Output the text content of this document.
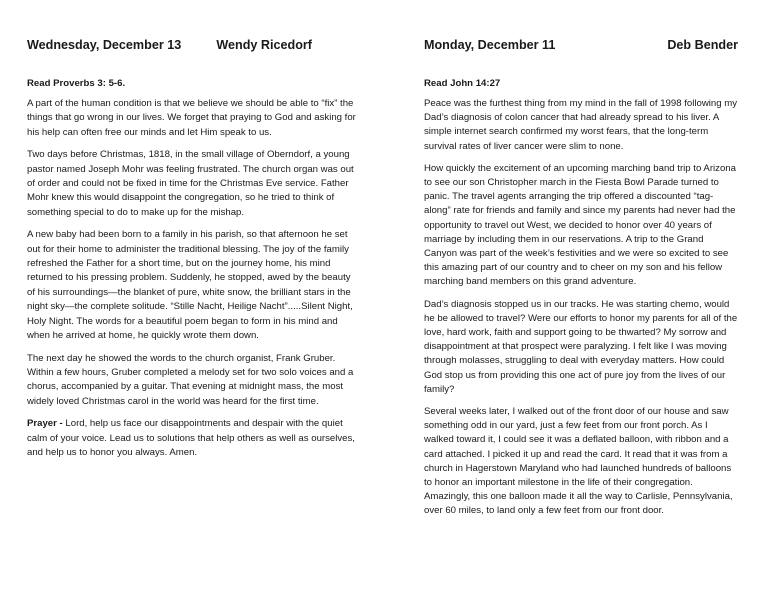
Wednesday, December 13	Wendy Ricedorf
Read Proverbs 3: 5-6.

A part of the human condition is that we believe we should be able to “fix” the things that go wrong in our lives. We forget that praying to God and asking for his help can often free our minds and let Him speak to us.

Two days before Christmas, 1818, in the small village of Oberndorf, a young pastor named Joseph Mohr was feeling frustrated. The church organ was out of order and could not be fixed in time for the Christmas Eve service. Father Mohr knew this would disappoint the congregation, so he tried to think of something special to do to make up for the mishap.

A new baby had been born to a family in his parish, so that afternoon he set out for their home to administer the traditional blessing. The joy of the family refreshed the Father for a short time, but on the journey home, his mind returned to his pressing problem. Suddenly, he stopped, awed by the beauty of his surroundings—the blanket of pure, white snow, the brilliant stars in the night sky—the complete solitude. “Stille Nacht, Heilige Nacht”.....Silent Night, Holy Night. The words for a beautiful poem began to form in his mind and when he arrived at home, he quickly wrote them down.

The next day he showed the words to the church organist, Frank Gruber. Within a few hours, Gruber completed a melody set for two solo voices and a chorus, accompanied by a guitar. That evening at midnight mass, the most widely loved Christmas carol in the world was heard for the first time.

Prayer - Lord, help us face our disappointments and despair with the quiet calm of your voice. Lead us to solutions that help others as well as ourselves, and help us to honor you always. Amen.

Monday, December 11	Deb Bender
Read John 14:27

Peace was the furthest thing from my mind in the fall of 1998 following my Dad’s diagnosis of colon cancer that had already spread to his liver. A simple internet search confirmed my worst fears, that the long-term survival rates of liver cancer were slim to none.

How quickly the excitement of an upcoming marching band trip to Arizona to see our son Christopher march in the Fiesta Bowl Parade turned to panic. The travel agents arranging the trip offered a discounted “tag-along” rate for friends and family and since my parents had never had the opportunity to travel out West, we decided to honor over 40 years of marriage by including them in our reservations. A trip to the Grand Canyon was part of the week’s festivities and we were so excited to see this amazing part of our country and to cheer on my son and his fellow marching band members on this grand adventure.

Dad’s diagnosis stopped us in our tracks. He was starting chemo, would he be allowed to travel? Were our efforts to honor my parents for all of the love, hard work, faith and support going to be thwarted? My sorrow and disappointment at that prospect were paralyzing. I felt like I was moving through molasses, struggling to deal with everyday matters. How could God stop us from providing this one act of pure joy from the lives of our family?

Several weeks later, I walked out of the front door of our house and saw something odd in our yard, just a few feet from our front porch. As I walked toward it, I could see it was a deflated balloon, with ribbon and a card attached. I picked it up and read the card. It read that it was from a church in Hagerstown Maryland who had launched hundreds of balloons to honor an important milestone in the life of their congregation. Amazingly, this one balloon made it all the way to Carlisle, Pennsylvania, over 60 miles, to land only a few feet from our front door.
